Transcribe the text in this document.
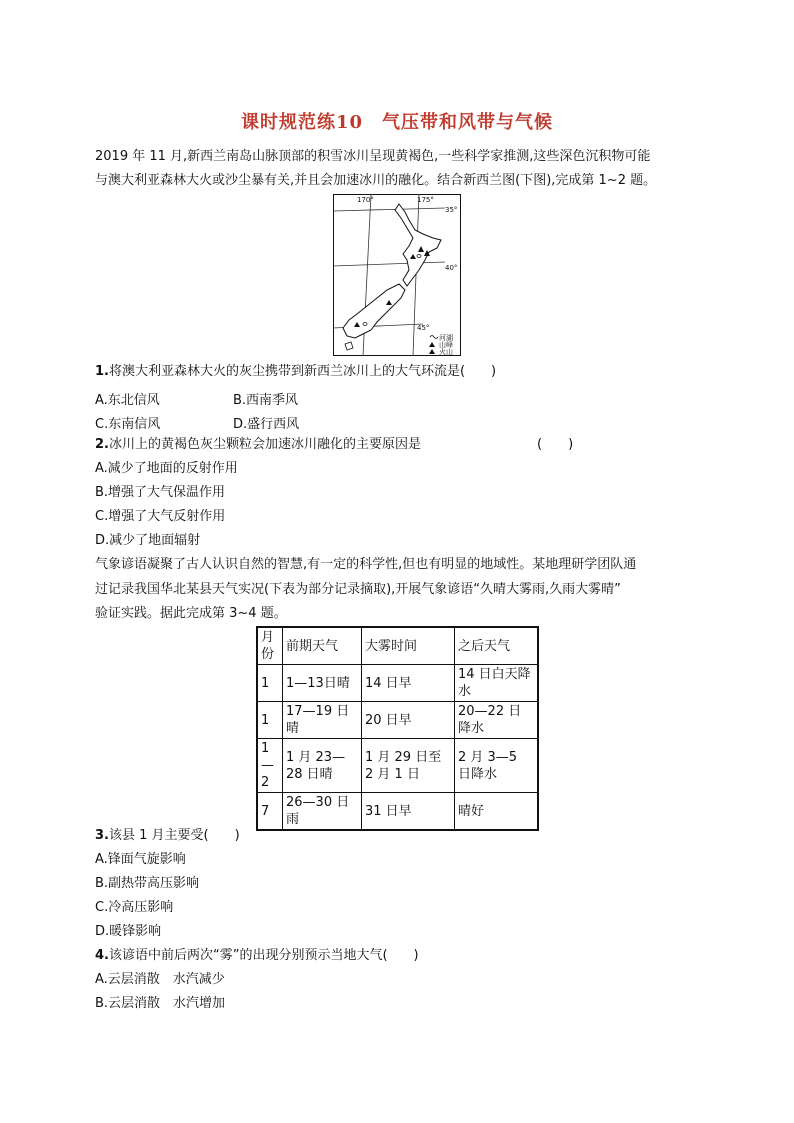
课时规范练10　气压带和风带与气候
2019 年 11 月,新西兰南岛山脉顶部的积雪冰川呈现黄褐色,一些科学家推测,这些深色沉积物可能
与澳大利亚森林大火或沙尘暴有关,并且会加速冰川的融化。结合新西兰图(下图),完成第 1~2 题。
170°	175°
35°
40°
45°
河湖
山峰
火山
1.将澳大利亚森林大火的灰尘携带到新西兰冰川上的大气环流是(　　)
A.东北信风	B.西南季风
C.东南信风	D.盛行西风
2.冰川上的黄褐色灰尘颗粒会加速冰川融化的主要原因是	(　　)
A.减少了地面的反射作用
B.增强了大气保温作用
C.增强了大气反射作用
D.减少了地面辐射
气象谚语凝聚了古人认识自然的智慧,有一定的科学性,但也有明显的地域性。某地理研学团队通
过记录我国华北某县天气实况(下表为部分记录摘取),开展气象谚语“久晴大雾雨,久雨大雾晴”
验证实践。据此完成第 3~4 题。
月份	前期天气	大雾时间	之后天气
1	1—13日晴	14 日早	14 日白天降水
1	17—19 日晴	20 日早	20—22 日降水
1—2	1 月 23—28 日晴	1 月 29 日至 2 月 1 日	2 月 3—5 日降水
7	26—30 日雨	31 日早	晴好
3.该县 1 月主要受(　　)
A.锋面气旋影响
B.副热带高压影响
C.冷高压影响
D.暖锋影响
4.该谚语中前后两次“雾”的出现分别预示当地大气(　　)
A.云层消散　水汽减少
B.云层消散　水汽增加
